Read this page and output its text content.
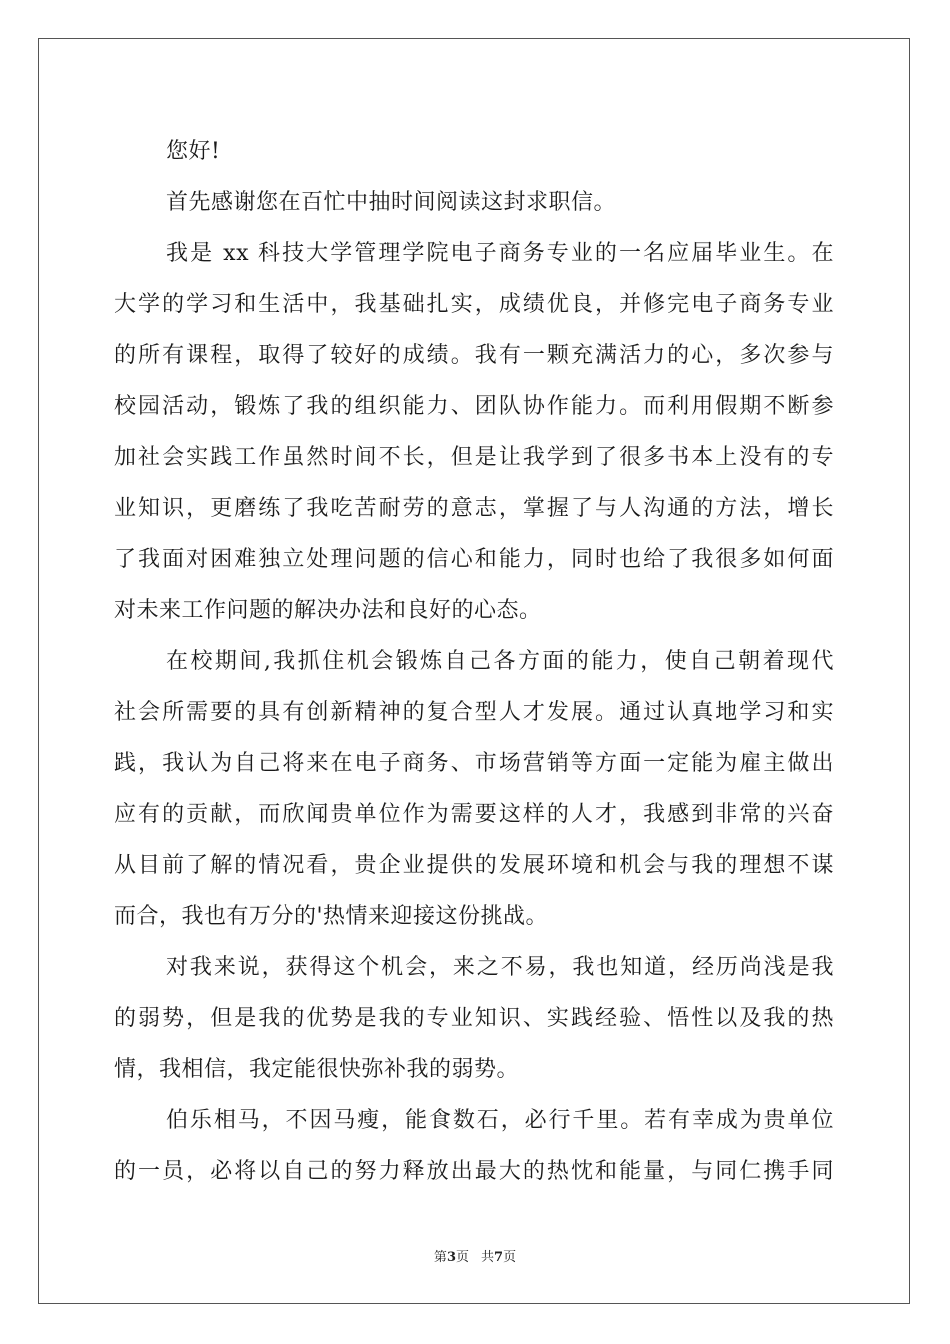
您好!
首先感谢您在百忙中抽时间阅读这封求职信。
我是 xx 科技大学管理学院电子商务专业的一名应届毕业生。在
大学的学习和生活中，我基础扎实，成绩优良，并修完电子商务专业
的所有课程，取得了较好的成绩。我有一颗充满活力的心，多次参与
校园活动，锻炼了我的组织能力、团队协作能力。而利用假期不断参
加社会实践工作虽然时间不长，但是让我学到了很多书本上没有的专
业知识，更磨练了我吃苦耐劳的意志，掌握了与人沟通的方法，增长
了我面对困难独立处理问题的信心和能力，同时也给了我很多如何面
对未来工作问题的解决办法和良好的心态。
在校期间,我抓住机会锻炼自己各方面的能力，使自己朝着现代
社会所需要的具有创新精神的复合型人才发展。通过认真地学习和实
践，我认为自己将来在电子商务、市场营销等方面一定能为雇主做出
应有的贡献，而欣闻贵单位作为需要这样的人才，我感到非常的兴奋
从目前了解的情况看，贵企业提供的发展环境和机会与我的理想不谋
而合，我也有万分的'热情来迎接这份挑战。
对我来说，获得这个机会，来之不易，我也知道，经历尚浅是我
的弱势，但是我的优势是我的专业知识、实践经验、悟性以及我的热
情，我相信，我定能很快弥补我的弱势。
伯乐相马，不因马瘦，能食数石，必行千里。若有幸成为贵单位
的一员，必将以自己的努力释放出最大的热忱和能量，与同仁携手同
第3页 共7页
